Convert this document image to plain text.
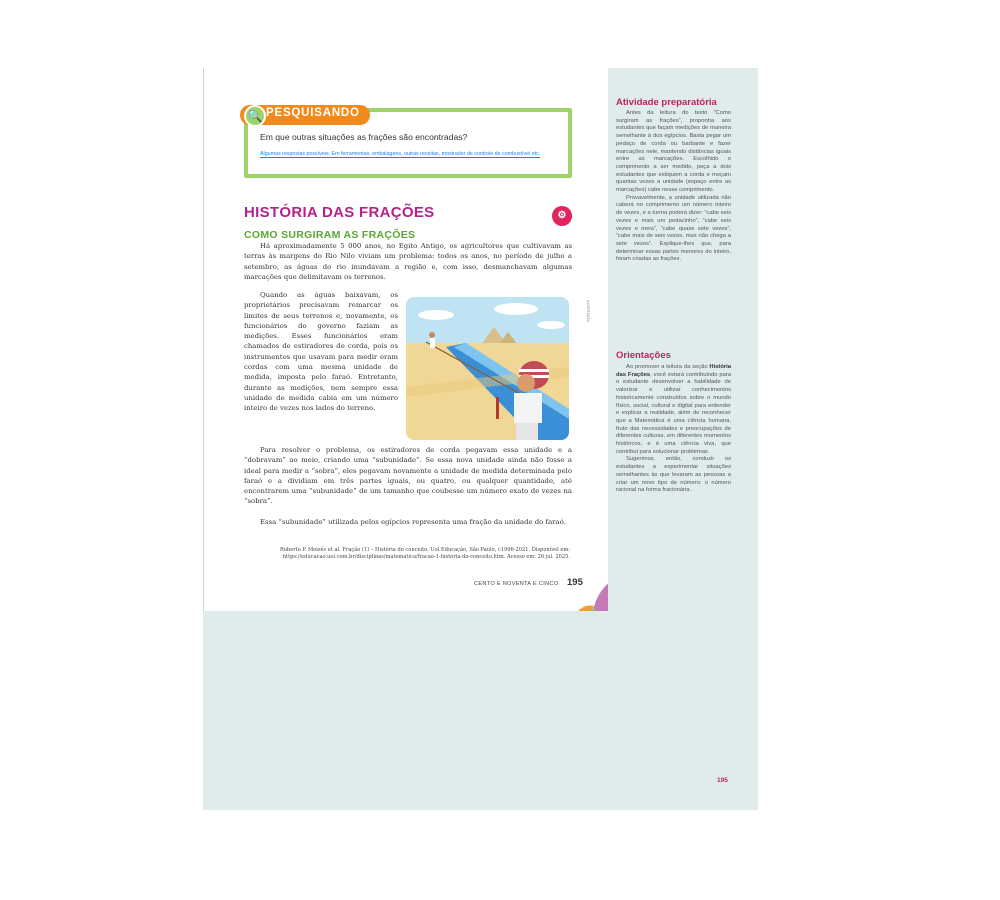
PESQUISANDO
🔍
Em que outras situações as frações são encontradas?
Algumas respostas possíveis: Em ferramentas, embalagens, outras receitas, mostrador de controle de combustível etc.
HISTÓRIA DAS FRAÇÕES	⚙
COMO SURGIRAM AS FRAÇÕES

Há aproximadamente 5 000 anos, no Egito Antigo, os agricultores que cultivavam as terras às margens do Rio Nilo viviam um problema: todos os anos, no período de julho a setembro, as águas do rio inundavam a região e, com isso, desmanchavam algumas marcações que delimitavam os terrenos.

Quando as águas baixavam, os proprietários precisavam remarcar os limites de seus terrenos e, novamente, os funcionários do governo faziam as medições. Esses funcionários eram chamados de estiradores de corda, pois os instrumentos que usavam para medir eram cordas com uma mesma unidade de medida, imposta pelo faraó. Entretanto, durante as medições, nem sempre essa unidade de medida cabia em um número inteiro de vezes nos lados do terreno.

ILUSTRAÇÃO

Para resolver o problema, os estiradores de corda pegavam essa unidade e a “dobravam” ao meio, criando uma “subunidade”. Se essa nova unidade ainda não fosse a ideal para medir a “sobra”, eles pegavam novamente a unidade de medida determinada pelo faraó e a dividiam em três partes iguais, ou quatro, ou qualquer quantidade, até encontrarem uma “subunidade” de um tamanho que coubesse um número exato de vezes na “sobra”.

Essa “subunidade” utilizada pelos egípcios representa uma fração da unidade do faraó.

Roberto P. Moisés et al. Fração (1) – História do conceito. Uol Educação, São Paulo, c1996-2021. Disponível em: https://educacao.uol.com.br/disciplinas/matematica/fracao-1-historia-do-conceito.htm. Acesso em: 26 jul. 2025.
CENTO E NOVENTA E CINCO 195
Atividade preparatória

Antes da leitura do texto “Como surgiram as frações”, proponha aos estudantes que façam medições de maneira semelhante à dos egípcios. Basta pegar um pedaço de corda ou barbante e fazer marcações nele, mantendo distâncias iguais entre as marcações. Escolhido o comprimento a ser medido, peça a dois estudantes que estiquem a corda e meçam quantas vezes a unidade (espaço entre as marcações) cabe nesse comprimento.

Provavelmente, a unidade utilizada não caberá no comprimento um número inteiro de vezes, e a turma poderá dizer: “cabe seis vezes e mais um pedacinho”, “cabe seis vezes e meia”, “cabe quase sete vezes”, “cabe mais de seis vezes, mas não chega a sete vezes”. Explique-lhes que, para determinar essas partes menores do inteiro, foram criadas as frações.

Orientações

Ao promover a leitura da seção História das Frações, você estará contribuindo para o estudante desenvolver a habilidade de valorizar e utilizar conhecimentos historicamente construídos sobre o mundo físico, social, cultural e digital para entender e explicar a realidade, além de reconhecer que a Matemática é uma ciência humana, fruto das necessidades e preocupações de diferentes culturas, em diferentes momentos históricos, e é uma ciência viva, que contribui para solucionar problemas.

Sugerimos, então, conduzir os estudantes a experimentar situações semelhantes às que levaram as pessoas a criar um novo tipo de número: o número racional na forma fracionária.

195
